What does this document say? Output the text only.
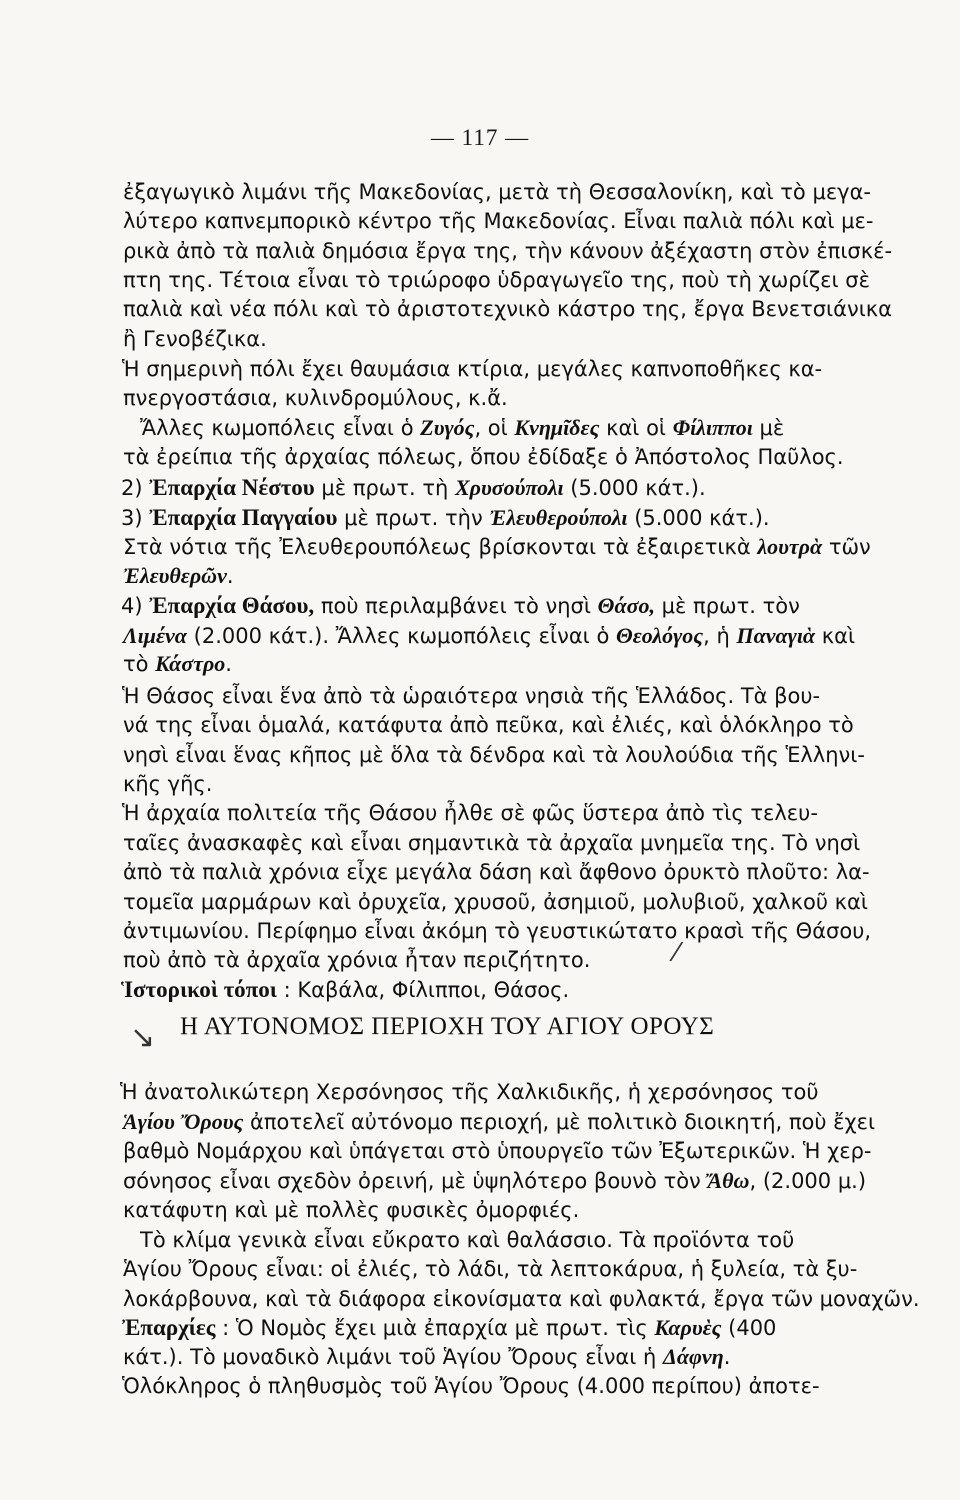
— 117 —
ἐξαγωγικὸ λιμάνι τῆς Μακεδονίας, μετὰ τὴ Θεσσαλονίκη, καὶ τὸ μεγα-
λύτερο καπνεμπορικὸ κέντρο τῆς Μακεδονίας. Εἶναι παλιὰ πόλι καὶ με-
ρικὰ ἀπὸ τὰ παλιὰ δημόσια ἔργα της, τὴν κάνουν ἀξέχαστη στὸν ἐπισκέ-
πτη της. Τέτοια εἶναι τὸ τριώροφο ὑδραγωγεῖο της, ποὺ τὴ χωρίζει σὲ
παλιὰ καὶ νέα πόλι καὶ τὸ ἀριστοτεχνικὸ κάστρο της, ἔργα Βενετσιάνικα
ἢ Γενοβέζικα.
Ἡ σημερινὴ πόλι ἔχει θαυμάσια κτίρια, μεγάλες καπνοποθῆκες κα-
πνεργοστάσια, κυλινδρομύλους, κ.ἄ.
Ἄλλες κωμοπόλεις εἶναι ὁ Ζυγός, οἱ Κνημῖδες καὶ οἱ Φίλιπποι μὲ
τὰ ἐρείπια τῆς ἀρχαίας πόλεως, ὅπου ἐδίδαξε ὁ Ἀπόστολος Παῦλος.
2) Ἐπαρχία Νέστου μὲ πρωτ. τὴ Χρυσούπολι (5.000 κάτ.).
3) Ἐπαρχία Παγγαίου μὲ πρωτ. τὴν Ἐλευθερούπολι (5.000 κάτ.).
Στὰ νότια τῆς Ἐλευθερουπόλεως βρίσκονται τὰ ἐξαιρετικὰ λουτρὰ τῶν
Ἐλευθερῶν.
4) Ἐπαρχία Θάσου, ποὺ περιλαμβάνει τὸ νησὶ Θάσο, μὲ πρωτ. τὸν
Λιμένα (2.000 κάτ.). Ἄλλες κωμοπόλεις εἶναι ὁ Θεολόγος, ἡ Παναγιὰ καὶ
τὸ Κάστρο.
Ἡ Θάσος εἶναι ἕνα ἀπὸ τὰ ὡραιότερα νησιὰ τῆς Ἑλλάδος. Τὰ βου-
νά της εἶναι ὁμαλά, κατάφυτα ἀπὸ πεῦκα, καὶ ἐλιές, καὶ ὁλόκληρο τὸ
νησὶ εἶναι ἕνας κῆπος μὲ ὅλα τὰ δένδρα καὶ τὰ λουλούδια τῆς Ἑλληνι-
κῆς γῆς.
Ἡ ἀρχαία πολιτεία τῆς Θάσου ἦλθε σὲ φῶς ὕστερα ἀπὸ τὶς τελευ-
ταῖες ἀνασκαφὲς καὶ εἶναι σημαντικὰ τὰ ἀρχαῖα μνημεῖα της. Τὸ νησὶ
ἀπὸ τὰ παλιὰ χρόνια εἶχε μεγάλα δάση καὶ ἄφθονο ὀρυκτὸ πλοῦτο: λα-
τομεῖα μαρμάρων καὶ ὀρυχεῖα, χρυσοῦ, ἀσημιοῦ, μολυβιοῦ, χαλκοῦ καὶ
ἀντιμωνίου. Περίφημο εἶναι ἀκόμη τὸ γευστικώτατο κρασὶ τῆς Θάσου,
ποὺ ἀπὸ τὰ ἀρχαῖα χρόνια ἦταν περιζήτητο.
Ἱστορικοὶ τόποι : Καβάλα, Φίλιπποι, Θάσος.
⁄
↘ Η ΑΥΤΟΝΟΜΟΣ ΠΕΡΙΟΧΗ ΤΟΥ ΑΓΙΟΥ ΟΡΟΥΣ
Ἡ ἀνατολικώτερη Χερσόνησος τῆς Χαλκιδικῆς, ἡ χερσόνησος τοῦ
Ἁγίου Ὄρους ἀποτελεῖ αὐτόνομο περιοχή, μὲ πολιτικὸ διοικητή, ποὺ ἔχει
βαθμὸ Νομάρχου καὶ ὑπάγεται στὸ ὑπουργεῖο τῶν Ἐξωτερικῶν. Ἡ χερ-
σόνησος εἶναι σχεδὸν ὀρεινή, μὲ ὑψηλότερο βουνὸ τὸν Ἄθω, (2.000 μ.)
κατάφυτη καὶ μὲ πολλὲς φυσικὲς ὀμορφιές.
Τὸ κλίμα γενικὰ εἶναι εὔκρατο καὶ θαλάσσιο. Τὰ προϊόντα τοῦ
Ἁγίου Ὄρους εἶναι: οἱ ἐλιές, τὸ λάδι, τὰ λεπτοκάρυα, ἡ ξυλεία, τὰ ξυ-
λοκάρβουνα, καὶ τὰ διάφορα εἰκονίσματα καὶ φυλακτά, ἔργα τῶν μοναχῶν.
Ἐπαρχίες : Ὁ Νομὸς ἔχει μιὰ ἐπαρχία μὲ πρωτ. τὶς Καρυὲς (400
κάτ.). Τὸ μοναδικὸ λιμάνι τοῦ Ἁγίου Ὄρους εἶναι ἡ Δάφνη.
Ὁλόκληρος ὁ πληθυσμὸς τοῦ Ἁγίου Ὄρους (4.000 περίπου) ἀποτε-
